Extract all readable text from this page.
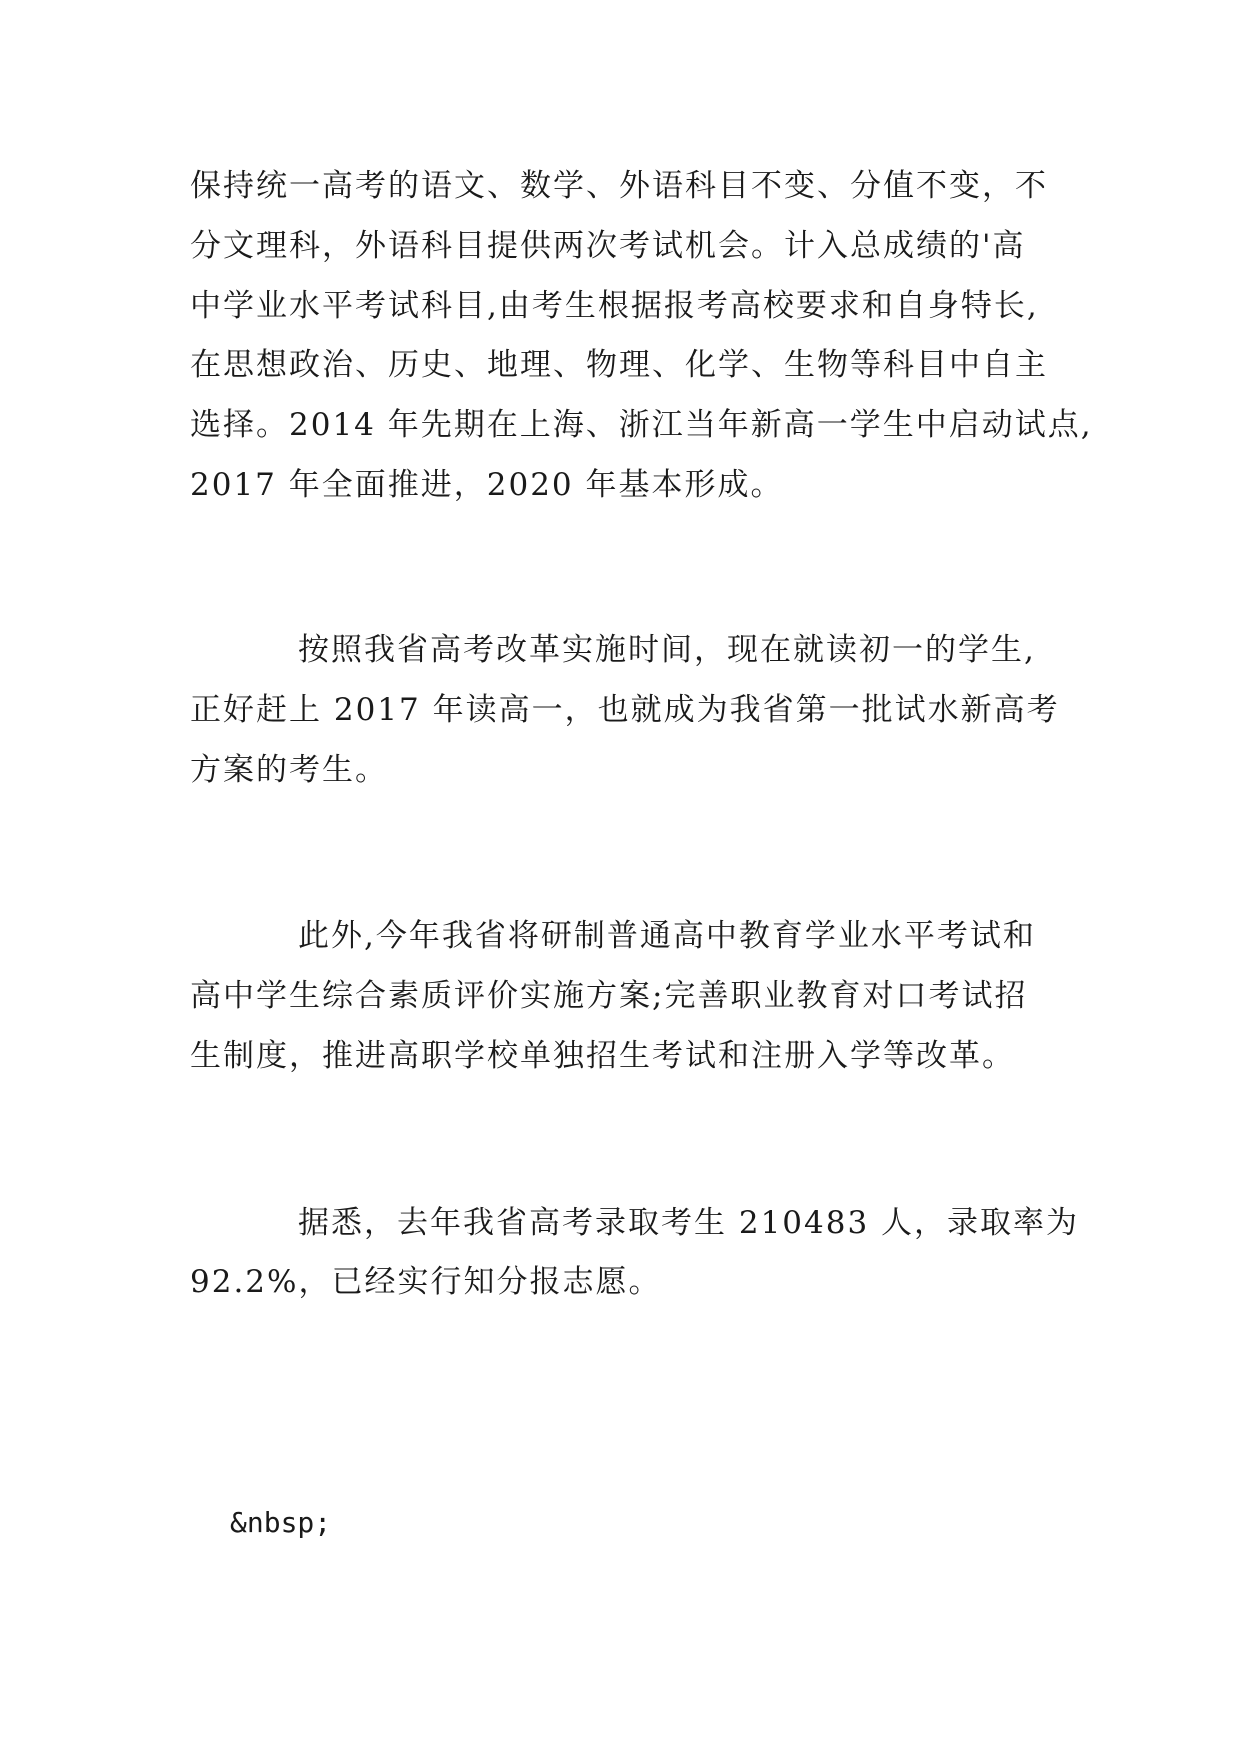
保持统一高考的语文、数学、外语科目不变、分值不变，不
分文理科，外语科目提供两次考试机会。计入总成绩的'高
中学业水平考试科目,由考生根据报考高校要求和自身特长,
在思想政治、历史、地理、物理、化学、生物等科目中自主
选择。2014 年先期在上海、浙江当年新高一学生中启动试点,
2017 年全面推进，2020 年基本形成。
按照我省高考改革实施时间，现在就读初一的学生,
正好赶上 2017 年读高一，也就成为我省第一批试水新高考
方案的考生。
此外,今年我省将研制普通高中教育学业水平考试和
高中学生综合素质评价实施方案;完善职业教育对口考试招
生制度，推进高职学校单独招生考试和注册入学等改革。
据悉，去年我省高考录取考生 210483 人，录取率为
92.2%，已经实行知分报志愿。
&nbsp;
